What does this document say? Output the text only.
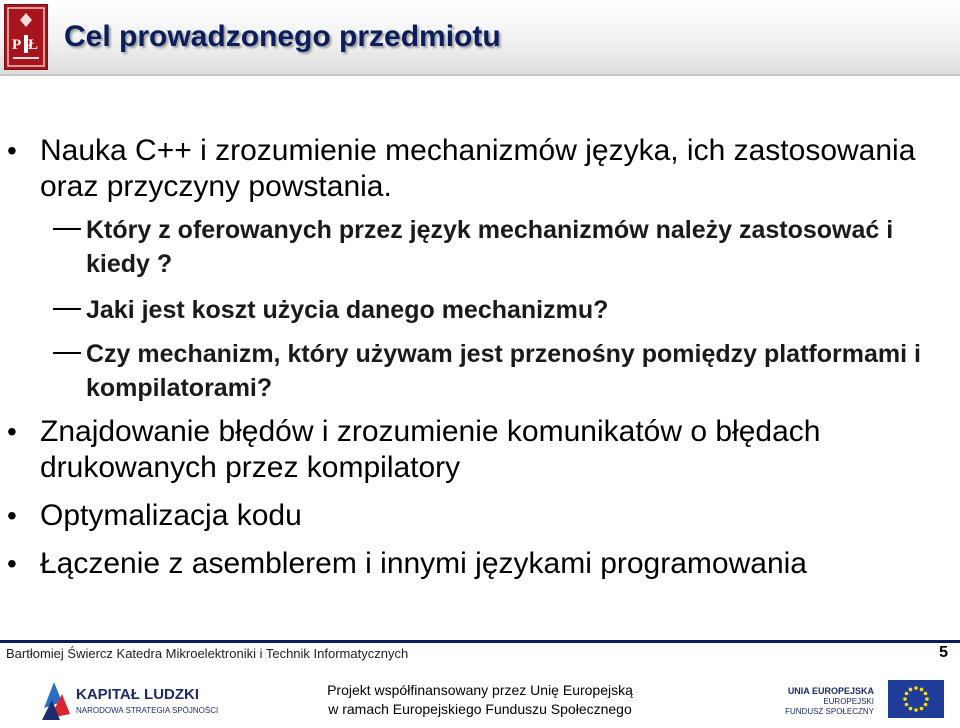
P Ł Cel prowadzonego przedmiotu
• Nauka C++ i zrozumienie mechanizmów języka, ich zastosowania oraz przyczyny powstania.
Który z oferowanych przez język mechanizmów należy zastosować i kiedy ?
Jaki jest koszt użycia danego mechanizmu?
Czy mechanizm, który używam jest przenośny pomiędzy platformami i kompilatorami?
• Znajdowanie błędów i zrozumienie komunikatów o błędach drukowanych przez kompilatory
• Optymalizacja kodu
• Łączenie z asemblerem i innymi językami programowania
Bartłomiej Świercz Katedra Mikroelektroniki i Technik Informatycznych	5
KAPITAŁ LUDZKI
NARODOWA STRATEGIA SPÓJNOŚCI
Projekt współfinansowany przez Unię Europejską
w ramach Europejskiego Funduszu Społecznego
UNIA EUROPEJSKA
EUROPEJSKI
FUNDUSZ SPOŁECZNY
